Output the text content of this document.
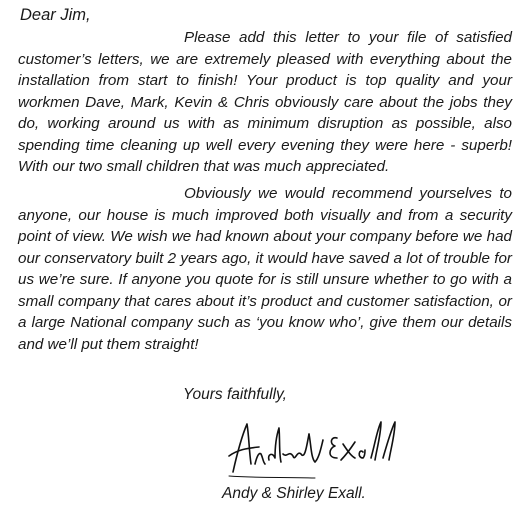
Dear Jim,

Please add this letter to your file of satisfied customer’s letters, we are extremely pleased with everything about the installation from start to finish! Your product is top quality and your workmen Dave, Mark, Kevin & Chris obviously care about the jobs they do, working around us with as minimum disruption as possible, also spending time cleaning up well every evening they were here - superb! With our two small children that was much appreciated.

Obviously we would recommend yourselves to anyone, our house is much improved both visually and from a security point of view. We wish we had known about your company before we had our conservatory built 2 years ago, it would have saved a lot of trouble for us we’re sure. If anyone you quote for is still unsure whether to go with a small company that cares about it’s product and customer satisfaction, or a large National company such as ‘you know who’, give them our details and we’ll put them straight!

Yours faithfully,
Andy & Shirley Exall.
